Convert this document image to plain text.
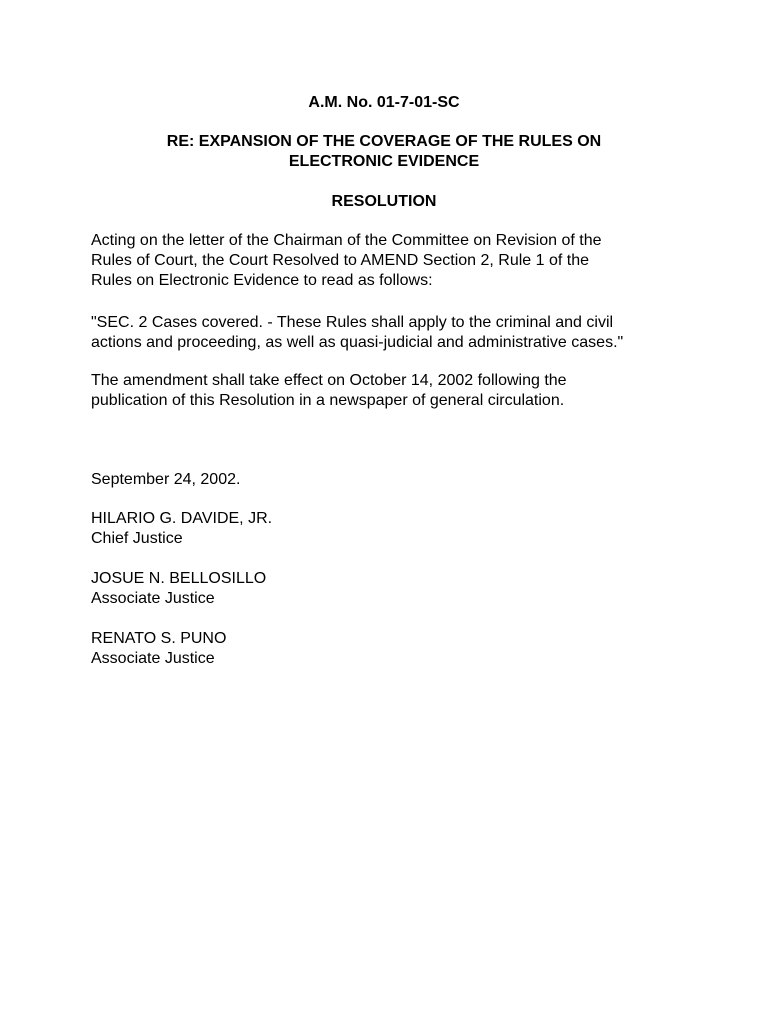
A.M. No. 01-7-01-SC

RE: EXPANSION OF THE COVERAGE OF THE RULES ON
ELECTRONIC EVIDENCE

RESOLUTION

Acting on the letter of the Chairman of the Committee on Revision of the
Rules of Court, the Court Resolved to AMEND Section 2, Rule 1 of the
Rules on Electronic Evidence to read as follows:

"SEC. 2 Cases covered. - These Rules shall apply to the criminal and civil
actions and proceeding, as well as quasi-judicial and administrative cases."

The amendment shall take effect on October 14, 2002 following the
publication of this Resolution in a newspaper of general circulation.

September 24, 2002.

HILARIO G. DAVIDE, JR.
Chief Justice
JOSUE N. BELLOSILLO
Associate Justice
RENATO S. PUNO
Associate Justice
